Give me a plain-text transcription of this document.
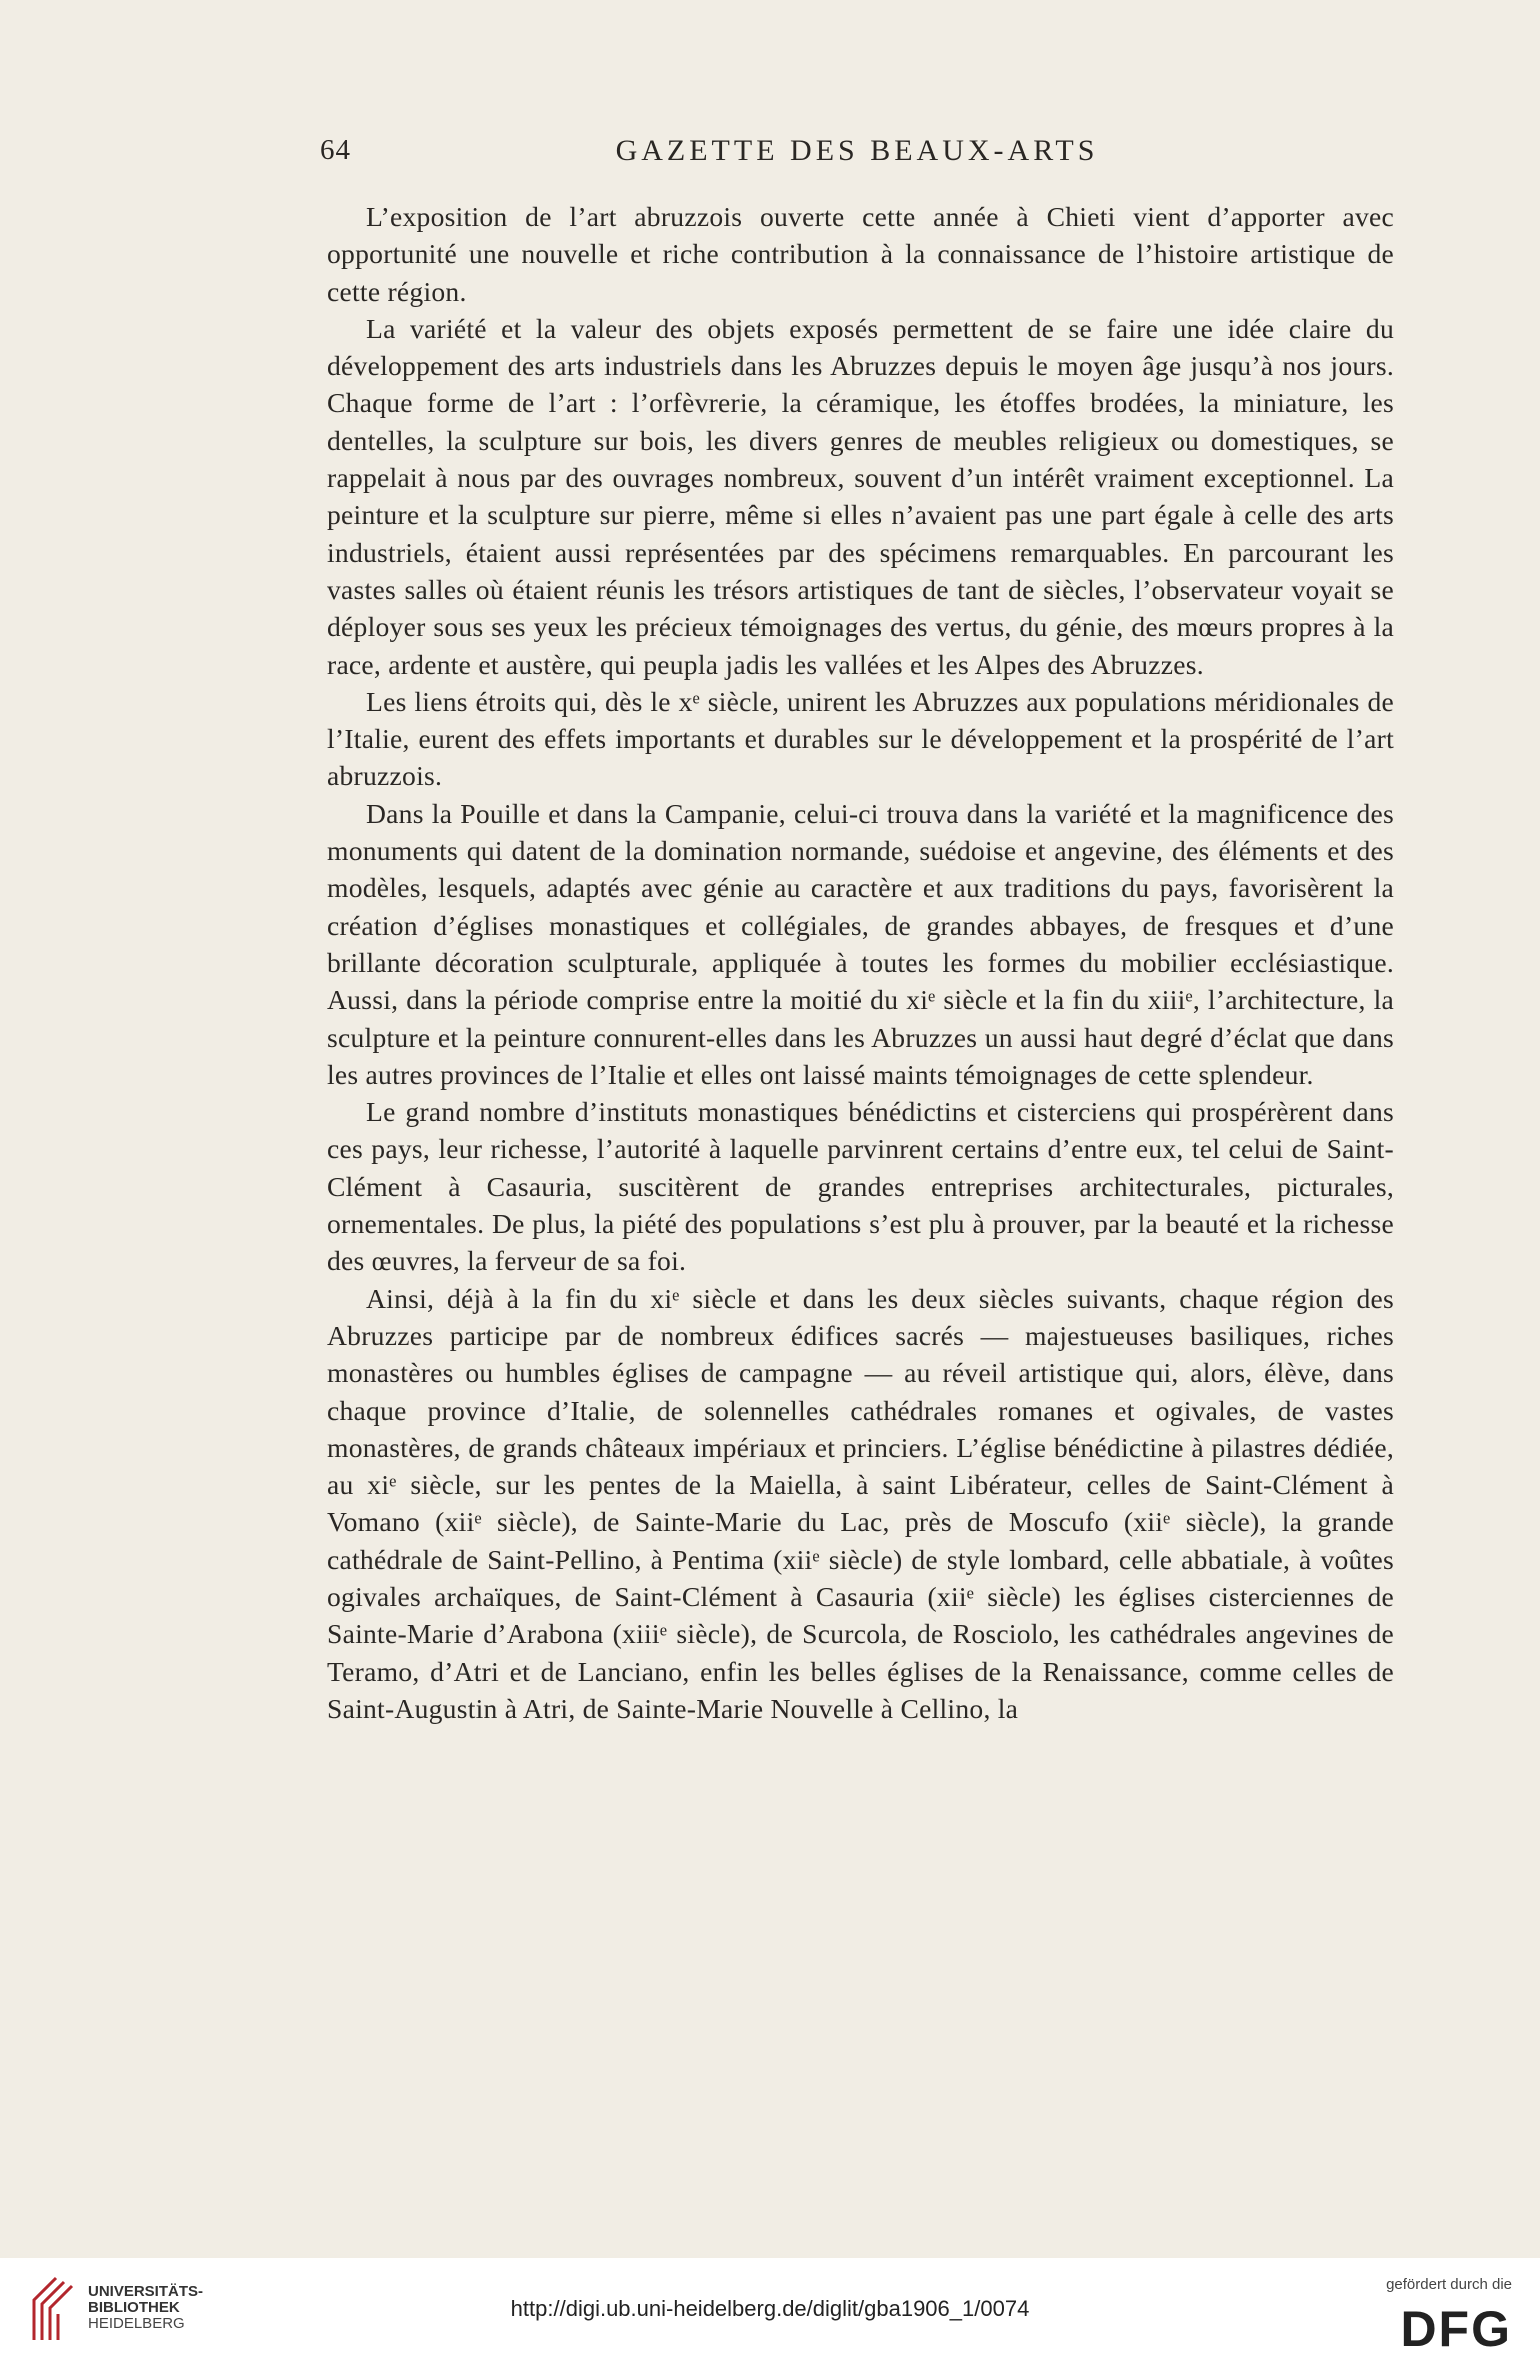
64	GAZETTE DES BEAUX-ARTS

L’exposition de l’art abruzzois ouverte cette année à Chieti vient d’apporter avec opportunité une nouvelle et riche contribution à la connaissance de l’histoire artistique de cette région.

La variété et la valeur des objets exposés permettent de se faire une idée claire du développement des arts industriels dans les Abruzzes depuis le moyen âge jusqu’à nos jours. Chaque forme de l’art : l’orfèvrerie, la céramique, les étoffes brodées, la miniature, les dentelles, la sculpture sur bois, les divers genres de meubles religieux ou domestiques, se rappelait à nous par des ouvrages nombreux, souvent d’un intérêt vraiment exceptionnel. La peinture et la sculpture sur pierre, même si elles n’avaient pas une part égale à celle des arts industriels, étaient aussi représentées par des spécimens remarquables. En parcourant les vastes salles où étaient réunis les trésors artistiques de tant de siècles, l’observateur voyait se déployer sous ses yeux les précieux témoignages des vertus, du génie, des mœurs propres à la race, ardente et austère, qui peupla jadis les vallées et les Alpes des Abruzzes.

Les liens étroits qui, dès le xᵉ siècle, unirent les Abruzzes aux populations méridionales de l’Italie, eurent des effets importants et durables sur le développement et la prospérité de l’art abruzzois.

Dans la Pouille et dans la Campanie, celui-ci trouva dans la variété et la magnificence des monuments qui datent de la domination normande, suédoise et angevine, des éléments et des modèles, lesquels, adaptés avec génie au caractère et aux traditions du pays, favorisèrent la création d’églises monastiques et collégiales, de grandes abbayes, de fresques et d’une brillante décoration sculpturale, appliquée à toutes les formes du mobilier ecclésiastique. Aussi, dans la période comprise entre la moitié du xiᵉ siècle et la fin du xiiiᵉ, l’architecture, la sculpture et la peinture connurent-elles dans les Abruzzes un aussi haut degré d’éclat que dans les autres provinces de l’Italie et elles ont laissé maints témoignages de cette splendeur.

Le grand nombre d’instituts monastiques bénédictins et cisterciens qui prospérèrent dans ces pays, leur richesse, l’autorité à laquelle parvinrent certains d’entre eux, tel celui de Saint-Clément à Casauria, suscitèrent de grandes entreprises architecturales, picturales, ornementales. De plus, la piété des populations s’est plu à prouver, par la beauté et la richesse des œuvres, la ferveur de sa foi.

Ainsi, déjà à la fin du xiᵉ siècle et dans les deux siècles suivants, chaque région des Abruzzes participe par de nombreux édifices sacrés — majestueuses basiliques, riches monastères ou humbles églises de campagne — au réveil artistique qui, alors, élève, dans chaque province d’Italie, de solennelles cathédrales romanes et ogivales, de vastes monastères, de grands châteaux impériaux et princiers. L’église bénédictine à pilastres dédiée, au xiᵉ siècle, sur les pentes de la Maiella, à saint Libérateur, celles de Saint-Clément à Vomano (xiiᵉ siècle), de Sainte-Marie du Lac, près de Moscufo (xiiᵉ siècle), la grande cathédrale de Saint-Pellino, à Pentima (xiiᵉ siècle) de style lombard, celle abbatiale, à voûtes ogivales archaïques, de Saint-Clément à Casauria (xiiᵉ siècle) les églises cisterciennes de Sainte-Marie d’Arabona (xiiiᵉ siècle), de Scurcola, de Rosciolo, les cathédrales angevines de Teramo, d’Atri et de Lanciano, enfin les belles églises de la Renaissance, comme celles de Saint-Augustin à Atri, de Sainte-Marie Nouvelle à Cellino, la

UNIVERSITÄTS-
BIBLIOTHEK
HEIDELBERG
http://digi.ub.uni-heidelberg.de/diglit/gba1906_1/0074
gefördert durch die
DFG
